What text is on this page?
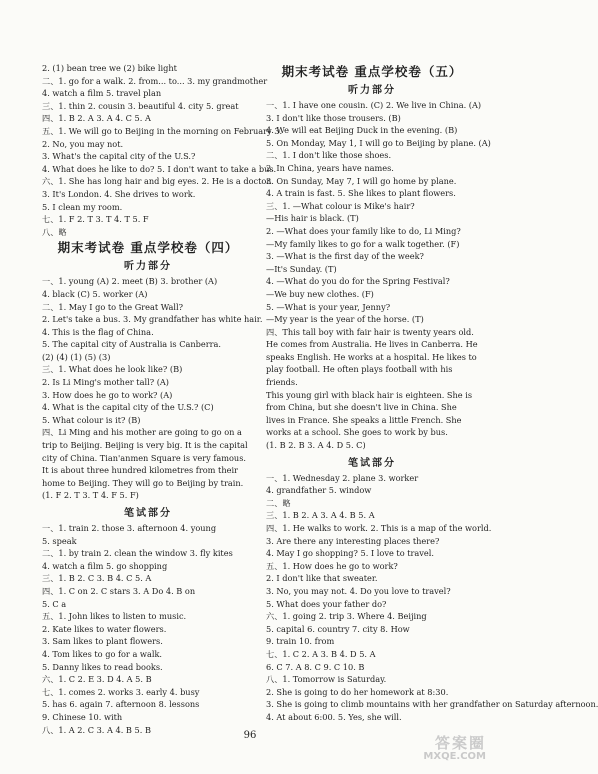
2. (1) bean tree we (2) bike light
二、1. go for a walk. 2. from... to... 3. my grandmother
4. watch a film 5. travel plan
三、1. thin 2. cousin 3. beautiful 4. city 5. great
四、1. B 2. A 3. A 4. C 5. A
五、1. We will go to Beijing in the morning on February 3.
2. No, you may not.
3. What's the capital city of the U.S.?
4. What does he like to do? 5. I don't want to take a bus.
六、1. She has long hair and big eyes. 2. He is a doctor.
3. It's London. 4. She drives to work.
5. I clean my room.
七、1. F 2. T 3. T 4. T 5. F
八、略
期末考试卷 重点学校卷（四）
听力部分
一、1. young (A) 2. meet (B) 3. brother (A)
4. black (C) 5. worker (A)
二、1. May I go to the Great Wall?
2. Let's take a bus. 3. My grandfather has white hair.
4. This is the flag of China.
5. The capital city of Australia is Canberra.
(2) (4) (1) (5) (3)
三、1. What does he look like? (B)
2. Is Li Ming's mother tall? (A)
3. How does he go to work? (A)
4. What is the capital city of the U.S.? (C)
5. What colour is it? (B)
四、Li Ming and his mother are going to go on a trip to Beijing. Beijing is very big. It is the capital city of China. Tian'anmen Square is very famous. It is about three hundred kilometres from their home to Beijing. They will go to Beijing by train.
(1. F 2. T 3. T 4. F 5. F)
笔试部分
一、1. train 2. those 3. afternoon 4. young
5. speak
二、1. by train 2. clean the window 3. fly kites
4. watch a film 5. go shopping
三、1. B 2. C 3. B 4. C 5. A
四、1. C on 2. C stars 3. A Do 4. B on
5. C a
五、1. John likes to listen to music.
2. Kate likes to water flowers.
3. Sam likes to plant flowers.
4. Tom likes to go for a walk.
5. Danny likes to read books.
六、1. C 2. E 3. D 4. A 5. B
七、1. comes 2. works 3. early 4. busy
5. has 6. again 7. afternoon 8. lessons
9. Chinese 10. with
八、1. A 2. C 3. A 4. B 5. B
期末考试卷 重点学校卷（五）
听力部分
一、1. I have one cousin. (C) 2. We live in China. (A)
3. I don't like those trousers. (B)
4. We will eat Beijing Duck in the evening. (B)
5. On Monday, May 1, I will go to Beijing by plane. (A)
二、1. I don't like those shoes.
2. In China, years have names.
3. On Sunday, May 7, I will go home by plane.
4. A train is fast. 5. She likes to plant flowers.
三、1. —What colour is Mike's hair?
—His hair is black. (T)
2. —What does your family like to do, Li Ming?
—My family likes to go for a walk together. (F)
3. —What is the first day of the week?
—It's Sunday. (T)
4. —What do you do for the Spring Festival?
—We buy new clothes. (F)
5. —What is your year, Jenny?
—My year is the year of the horse. (T)
四、This tall boy with fair hair is twenty years old. He comes from Australia. He lives in Canberra. He speaks English. He works at a hospital. He likes to play football. He often plays football with his friends.
This young girl with black hair is eighteen. She is from China, but she doesn't live in China. She lives in France. She speaks a little French. She works at a school. She goes to work by bus.
(1. B 2. B 3. A 4. D 5. C)
笔试部分
一、1. Wednesday 2. plane 3. worker
4. grandfather 5. window
二、略
三、1. B 2. A 3. A 4. B 5. A
四、1. He walks to work. 2. This is a map of the world.
3. Are there any interesting places there?
4. May I go shopping? 5. I love to travel.
五、1. How does he go to work?
2. I don't like that sweater.
3. No, you may not. 4. Do you love to travel?
5. What does your father do?
六、1. going 2. trip 3. Where 4. Beijing
5. capital 6. country 7. city 8. How
9. train 10. from
七、1. C 2. A 3. B 4. D 5. A
6. C 7. A 8. C 9. C 10. B
八、1. Tomorrow is Saturday.
2. She is going to do her homework at 8:30.
3. She is going to climb mountains with her grandfather on Saturday afternoon.
4. At about 6:00. 5. Yes, she will.
96	答案圈
MXQE.COM
